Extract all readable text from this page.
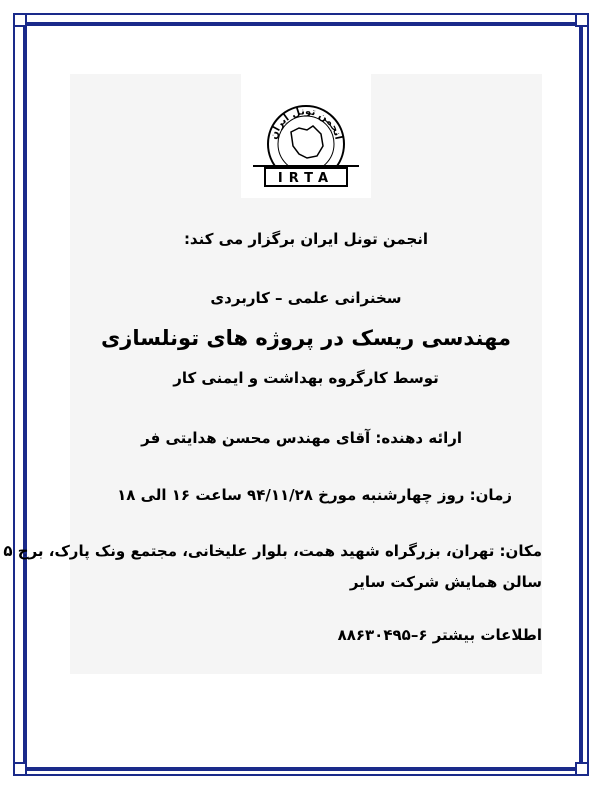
انجمن تونل ایران
IRTA
انجمن تونل ایران برگزار می کند:
سخنرانی علمی – کاربردی
مهندسی ریسک در پروژه های تونلسازی
توسط کارگروه بهداشت و ایمنی کار
ارائه دهنده: آقای مهندس محسن هدایتی فر
زمان: روز چهارشنبه مورخ ۹۴/۱۱/۲۸ ساعت ۱۶ الی ۱۸
مکان: تهران، بزرگراه شهید همت، بلوار علیخانی، مجتمع ونک پارک، برج ۵
سالن همایش شرکت سایر
اطلاعات بیشتر ۶–۸۸۶۳۰۴۹۵
